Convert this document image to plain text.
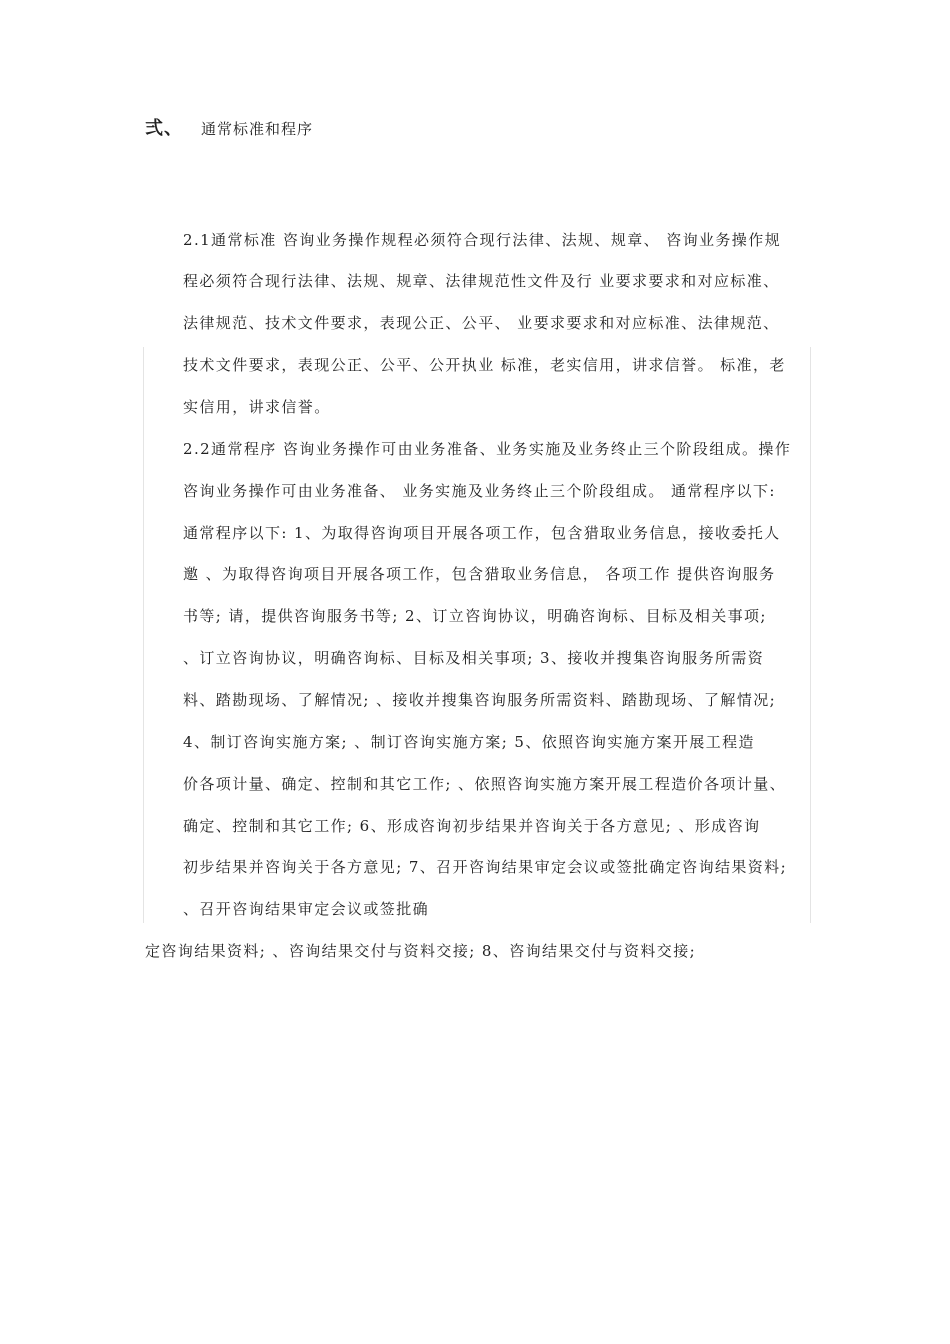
弍、 通常标准和程序
2.1通常标准 咨询业务操作规程必须符合现行法律、法规、规章、 咨询业务操作规
程必须符合现行法律、法规、规章、法律规范性文件及行 业要求要求和对应标准、
法律规范、技术文件要求，表现公正、公平、 业要求要求和对应标准、法律规范、
技术文件要求，表现公正、公平、公开执业 标准，老实信用，讲求信誉。 标准，老
实信用，讲求信誉。
2.2通常程序 咨询业务操作可由业务准备、业务实施及业务终止三个阶段组成。操作
咨询业务操作可由业务准备、 业务实施及业务终止三个阶段组成。 通常程序以下:
通常程序以下: 1、为取得咨询项目开展各项工作，包含猎取业务信息，接收委托人
邀 、为取得咨询项目开展各项工作，包含猎取业务信息， 各项工作 提供咨询服务
书等; 请，提供咨询服务书等; 2、订立咨询协议，明确咨询标、目标及相关事项;
、订立咨询协议，明确咨询标、目标及相关事项; 3、接收并搜集咨询服务所需资
料、踏勘现场、了解情况; 、接收并搜集咨询服务所需资料、踏勘现场、了解情况;
4、制订咨询实施方案; 、制订咨询实施方案; 5、依照咨询实施方案开展工程造
价各项计量、确定、控制和其它工作; 、依照咨询实施方案开展工程造价各项计量、
确定、控制和其它工作; 6、形成咨询初步结果并咨询关于各方意见; 、形成咨询
初步结果并咨询关于各方意见; 7、召开咨询结果审定会议或签批确定咨询结果资料;
、召开咨询结果审定会议或签批确
定咨询结果资料; 、咨询结果交付与资料交接; 8、咨询结果交付与资料交接;
